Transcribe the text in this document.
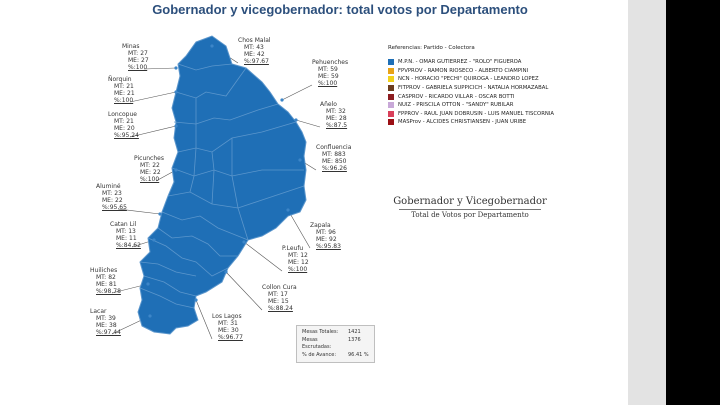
Gobernador y vicegobernador: total votos por Departamento
Minas
MT: 27
ME: 27
%:100
Chos Malal
MT: 43
ME: 42
%:97.67	Pehuenches
MT: 59
ME: 59
%:100
Ñorquin
MT: 21
ME: 21
%:100
Loncopue
MT: 21
ME: 20
%:95.24
Añelo
MT: 32
ME: 28
%:87.5
Confluencia
MT: 883
ME: 850
%:96.26
Picunches
MT: 22
ME: 22
%:100
Aluminé
MT: 23
ME: 22
%:95.65
Catan Lil
MT: 13
ME: 11
%:84.62
Zapala
MT: 96
ME: 92
%:95.83
P.Leufu
MT: 12
ME: 12
%:100
Huiliches
MT: 82
ME: 81
%:98.78
Collon Cura
MT: 17
ME: 15
%:88.24
Lacar
MT: 39
ME: 38
%:97.44
Los Lagos
MT: 31
ME: 30
%:96.77
Referencias: Partido - Colectora
M.P.N. - OMAR GUTIERREZ - "ROLO" FIGUEROA
FPVPROV - RAMON RIOSECO - ALBERTO CIAMPINI
NCN - HORACIO "PECHI" QUIROGA - LEANDRO LOPEZ
FITPROV - GABRIELA SUPPICICH - NATALIA HORMAZABAL
CASPROV - RICARDO VILLAR - OSCAR BOTTI
NUIZ - PRISCILA OTTON - "SANDY" RUBILAR
FPPROV - RAUL JUAN DOBRUSIN - LUIS MANUEL TISCORNIA
MASProv - ALCIDES CHRISTIANSEN - JUAN URIBE
Gobernador y Vicegobernador
Total de Votos por Departamento
Mesas Totales:	1421
Mesas Escrutadas:
1376
% de Avance:	96.41 %
